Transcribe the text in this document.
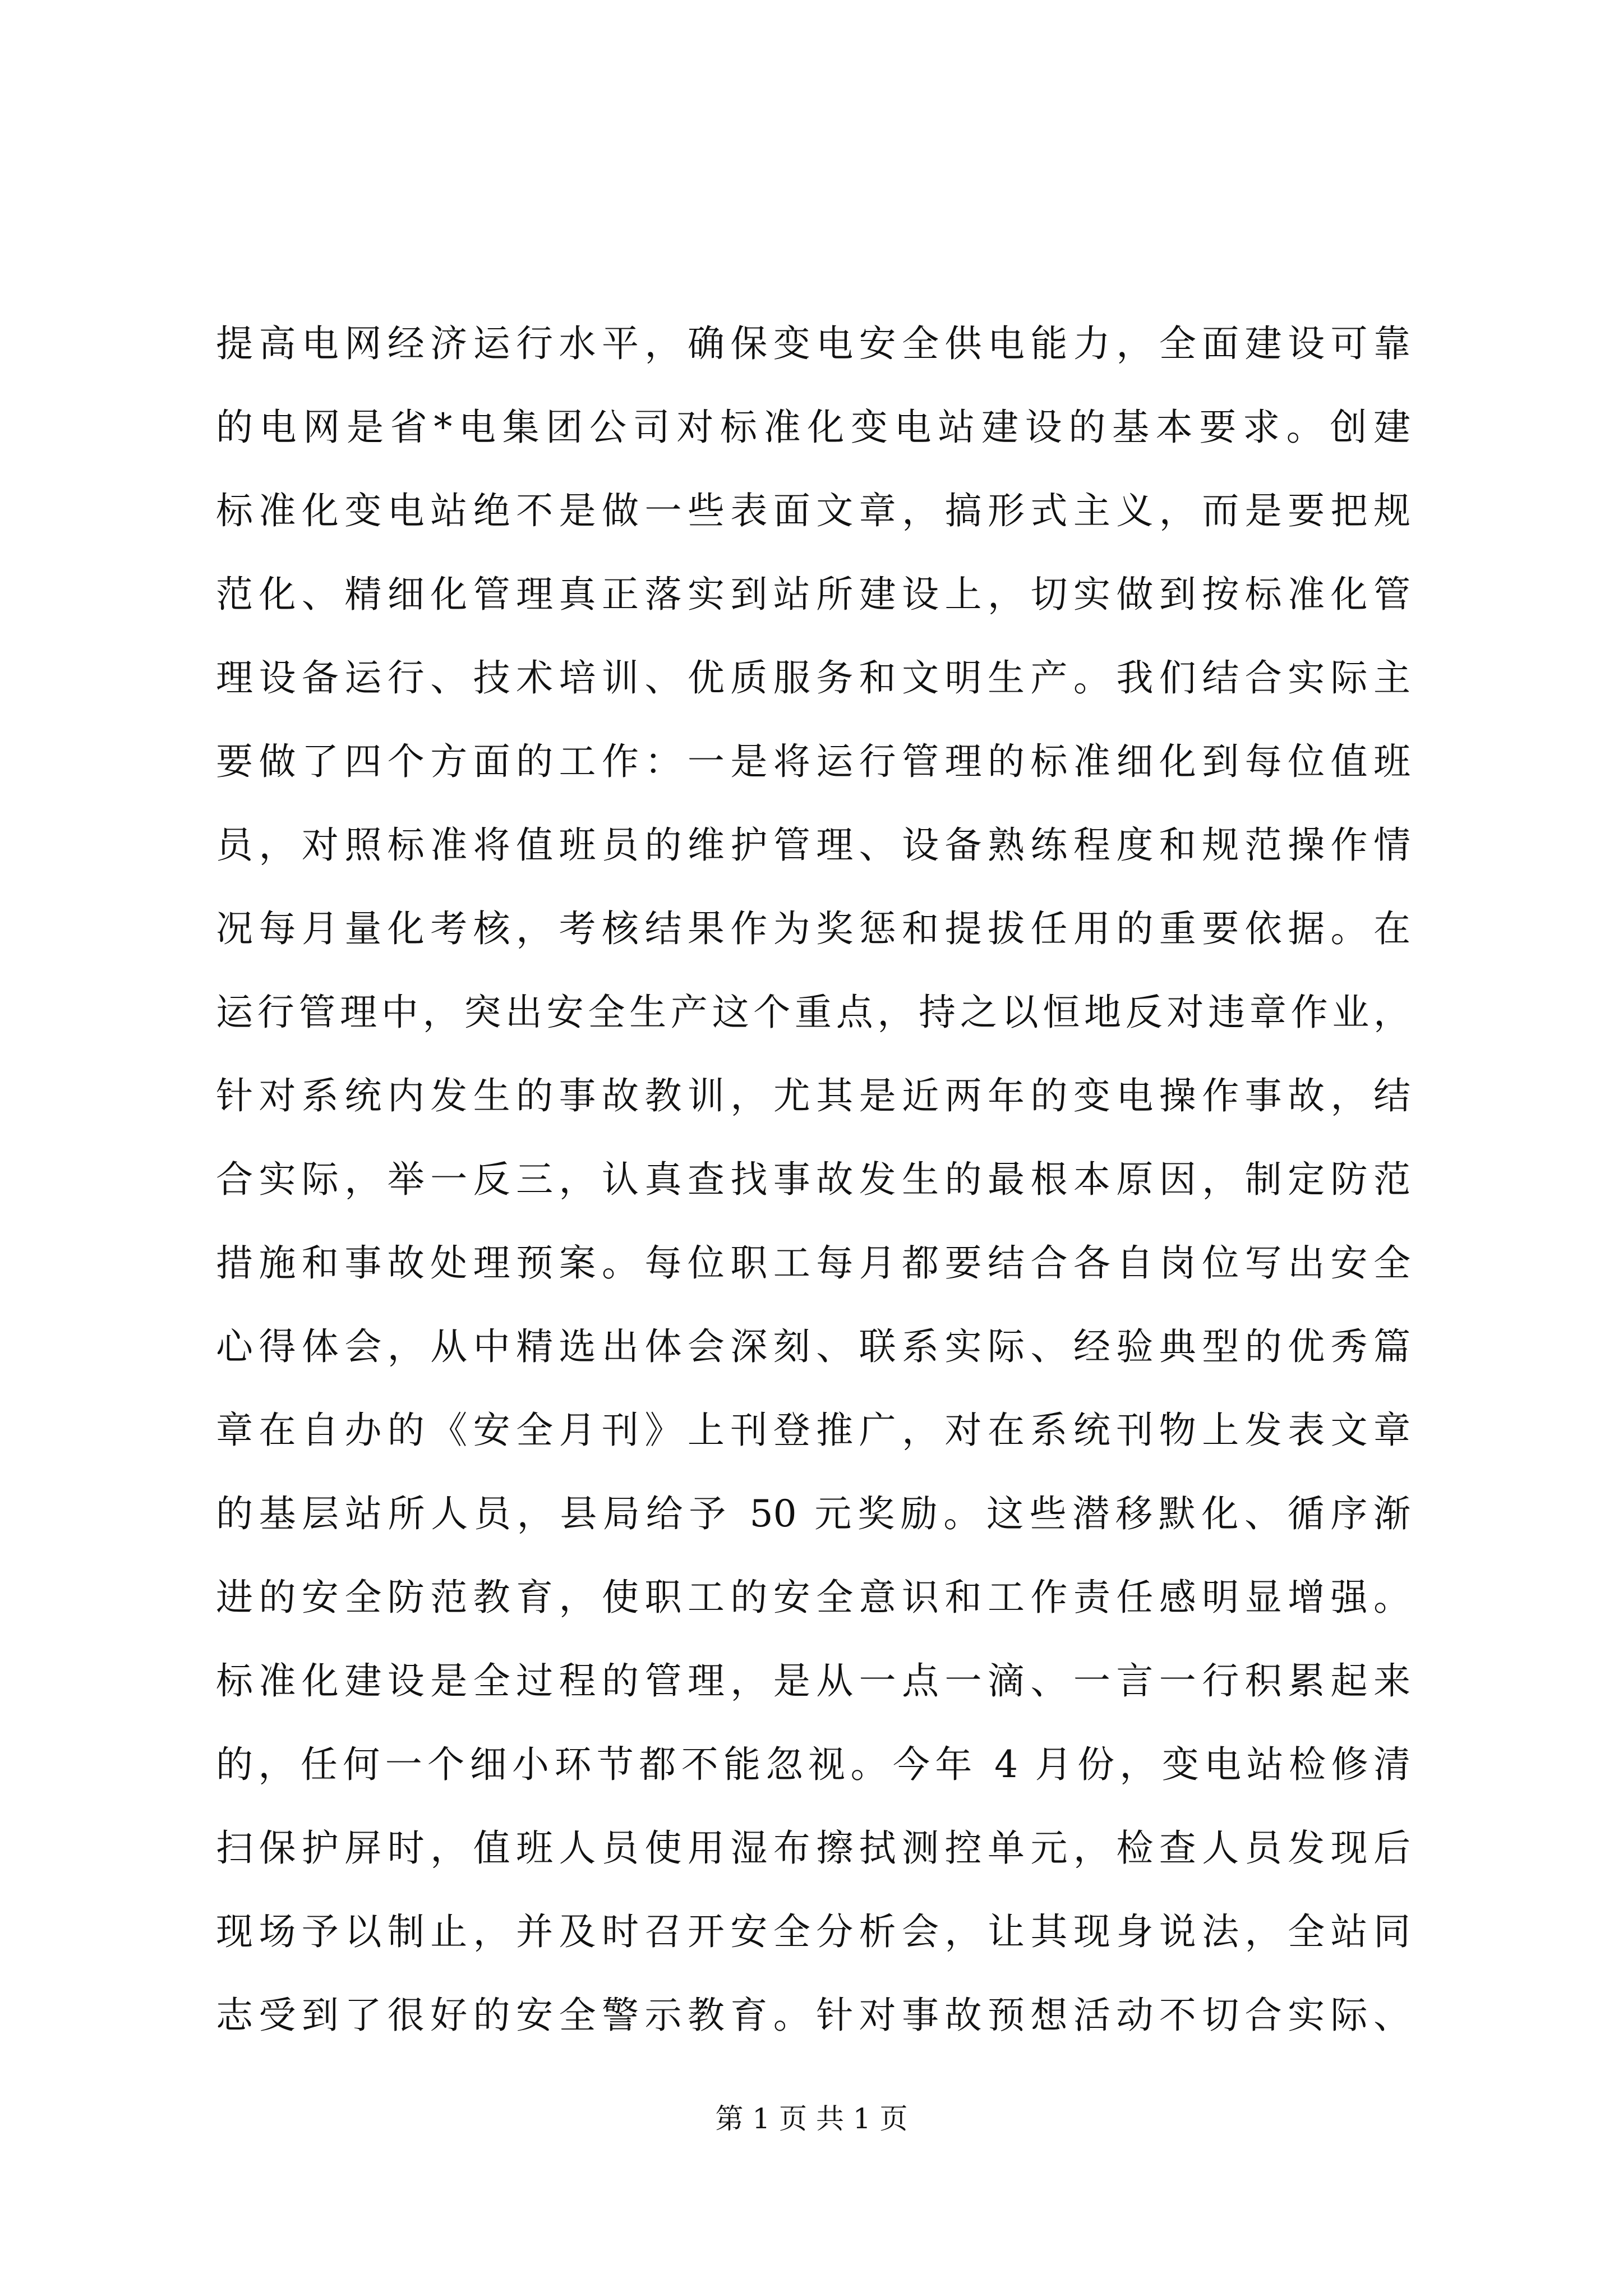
提高电网经济运行水平，确保变电安全供电能力，全面建设可靠
的电网是省*电集团公司对标准化变电站建设的基本要求。创建
标准化变电站绝不是做一些表面文章，搞形式主义，而是要把规
范化、精细化管理真正落实到站所建设上，切实做到按标准化管
理设备运行、技术培训、优质服务和文明生产。我们结合实际主
要做了四个方面的工作：一是将运行管理的标准细化到每位值班
员，对照标准将值班员的维护管理、设备熟练程度和规范操作情
况每月量化考核，考核结果作为奖惩和提拔任用的重要依据。在
运行管理中，突出安全生产这个重点，持之以恒地反对违章作业，
针对系统内发生的事故教训，尤其是近两年的变电操作事故，结
合实际，举一反三，认真查找事故发生的最根本原因，制定防范
措施和事故处理预案。每位职工每月都要结合各自岗位写出安全
心得体会，从中精选出体会深刻、联系实际、经验典型的优秀篇
章在自办的《安全月刊》上刊登推广，对在系统刊物上发表文章
的基层站所人员，县局给予 50 元奖励。这些潜移默化、循序渐
进的安全防范教育，使职工的安全意识和工作责任感明显增强。
标准化建设是全过程的管理，是从一点一滴、一言一行积累起来
的，任何一个细小环节都不能忽视。今年 4 月份，变电站检修清
扫保护屏时，值班人员使用湿布擦拭测控单元，检查人员发现后
现场予以制止，并及时召开安全分析会，让其现身说法，全站同
志受到了很好的安全警示教育。针对事故预想活动不切合实际、
第 1 页 共 1 页
